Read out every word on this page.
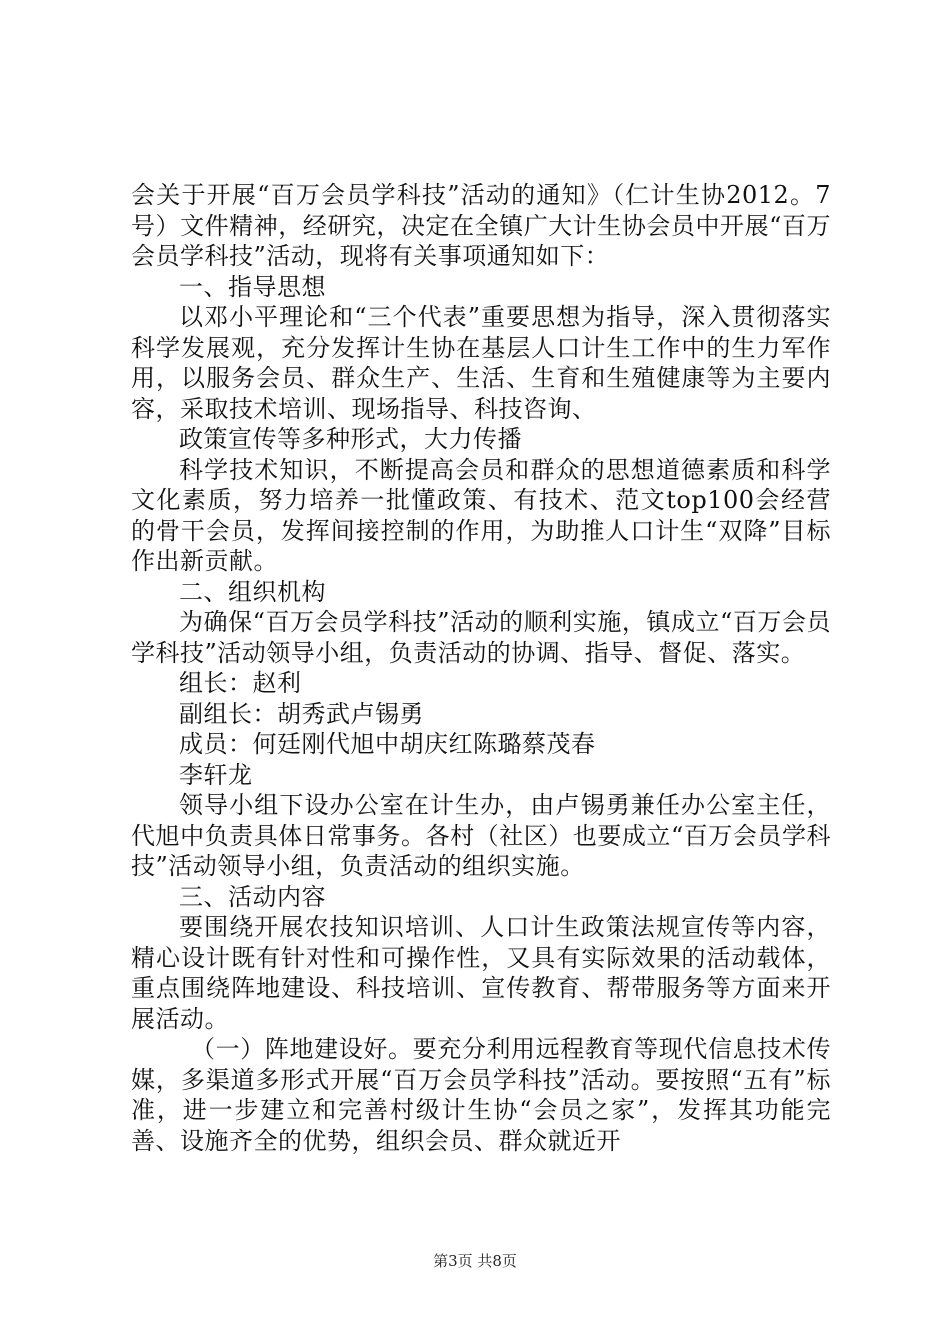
会关于开展“百万会员学科技”活动的通知》（仁计生协2012。7号）文件精神，经研究，决定在全镇广大计生协会员中开展“百万会员学科技”活动，现将有关事项通知如下：

一、指导思想

以邓小平理论和“三个代表”重要思想为指导，深入贯彻落实科学发展观，充分发挥计生协在基层人口计生工作中的生力军作用，以服务会员、群众生产、生活、生育和生殖健康等为主要内容，采取技术培训、现场指导、科技咨询、

政策宣传等多种形式，大力传播

科学技术知识，不断提高会员和群众的思想道德素质和科学文化素质，努力培养一批懂政策、有技术、范文top100会经营的骨干会员，发挥间接控制的作用，为助推人口计生“双降”目标作出新贡献。

二、组织机构

为确保“百万会员学科技”活动的顺利实施，镇成立“百万会员学科技”活动领导小组，负责活动的协调、指导、督促、落实。

组长：赵利

副组长：胡秀武卢锡勇

成员：何廷刚代旭中胡庆红陈璐蔡茂春

李轩龙

领导小组下设办公室在计生办，由卢锡勇兼任办公室主任，代旭中负责具体日常事务。各村（社区）也要成立“百万会员学科技”活动领导小组，负责活动的组织实施。

三、活动内容

要围绕开展农技知识培训、人口计生政策法规宣传等内容，精心设计既有针对性和可操作性，又具有实际效果的活动载体，重点围绕阵地建设、科技培训、宣传教育、帮带服务等方面来开展活动。

（一）阵地建设好。要充分利用远程教育等现代信息技术传媒，多渠道多形式开展“百万会员学科技”活动。要按照“五有”标准，进一步建立和完善村级计生协“会员之家”，发挥其功能完善、设施齐全的优势，组织会员、群众就近开

第3页 共8页
